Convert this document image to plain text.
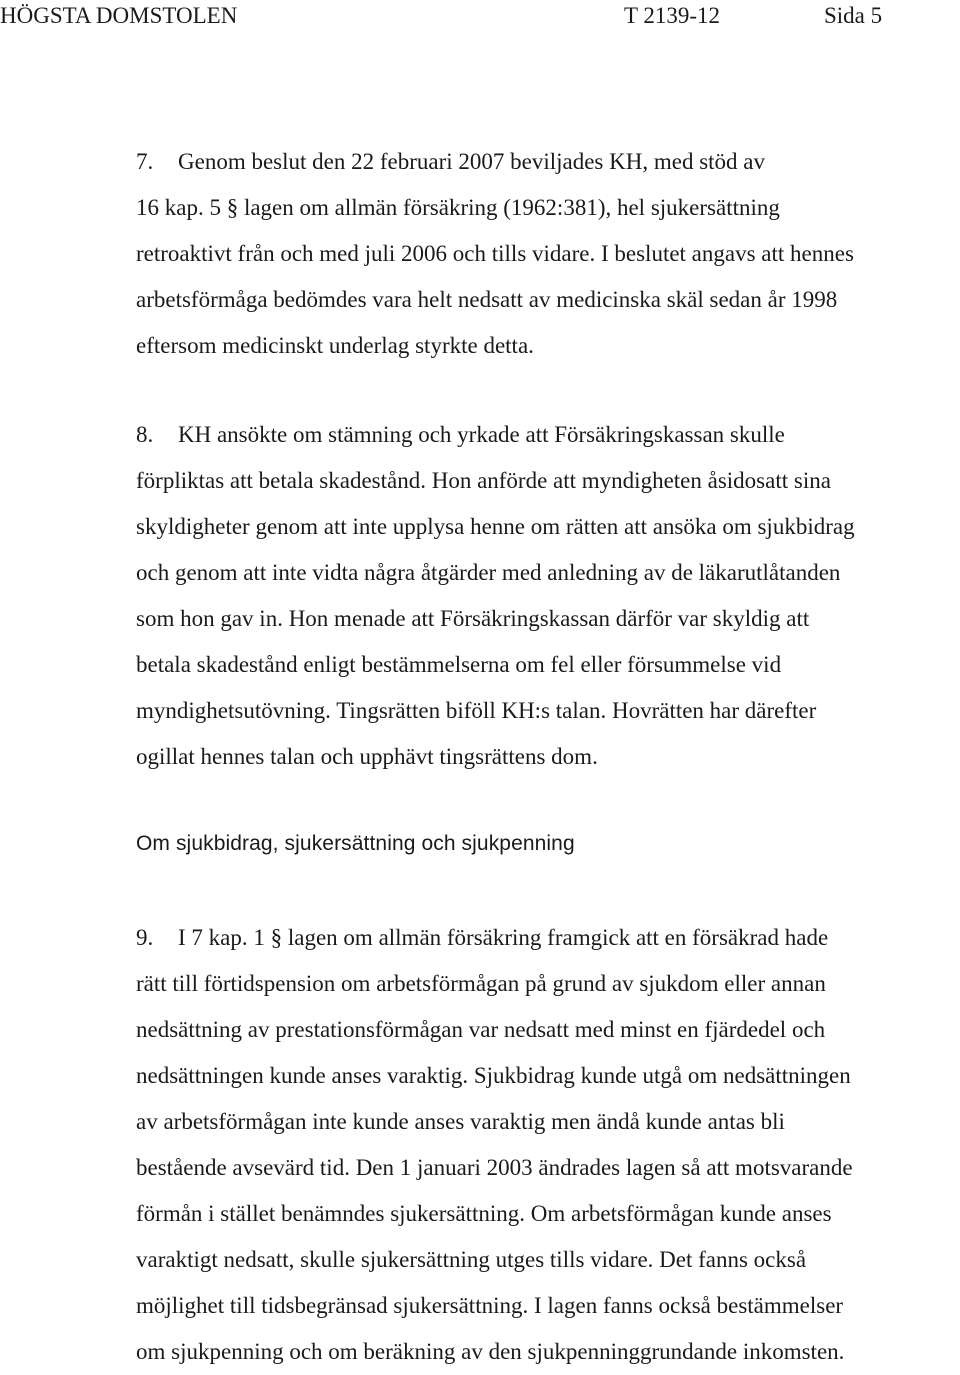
HÖGSTA DOMSTOLEN	T 2139-12	Sida 5

7. Genom beslut den 22 februari 2007 beviljades KH, med stöd av
16 kap. 5 § lagen om allmän försäkring (1962:381), hel sjukersättning
retroaktivt från och med juli 2006 och tills vidare. I beslutet angavs att hennes
arbetsförmåga bedömdes vara helt nedsatt av medicinska skäl sedan år 1998
eftersom medicinskt underlag styrkte detta.

8. KH ansökte om stämning och yrkade att Försäkringskassan skulle
förpliktas att betala skadestånd. Hon anförde att myndigheten åsidosatt sina
skyldigheter genom att inte upplysa henne om rätten att ansöka om sjukbidrag
och genom att inte vidta några åtgärder med anledning av de läkarutlåtanden
som hon gav in. Hon menade att Försäkringskassan därför var skyldig att
betala skadestånd enligt bestämmelserna om fel eller försummelse vid
myndighetsutövning. Tingsrätten biföll KH:s talan. Hovrätten har därefter
ogillat hennes talan och upphävt tingsrättens dom.

Om sjukbidrag, sjukersättning och sjukpenning

9. I 7 kap. 1 § lagen om allmän försäkring framgick att en försäkrad hade
rätt till förtidspension om arbetsförmågan på grund av sjukdom eller annan
nedsättning av prestationsförmågan var nedsatt med minst en fjärdedel och
nedsättningen kunde anses varaktig. Sjukbidrag kunde utgå om nedsättningen
av arbetsförmågan inte kunde anses varaktig men ändå kunde antas bli
bestående avsevärd tid. Den 1 januari 2003 ändrades lagen så att motsvarande
förmån i stället benämndes sjukersättning. Om arbetsförmågan kunde anses
varaktigt nedsatt, skulle sjukersättning utges tills vidare. Det fanns också
möjlighet till tidsbegränsad sjukersättning. I lagen fanns också bestämmelser
om sjukpenning och om beräkning av den sjukpenninggrundande inkomsten.
